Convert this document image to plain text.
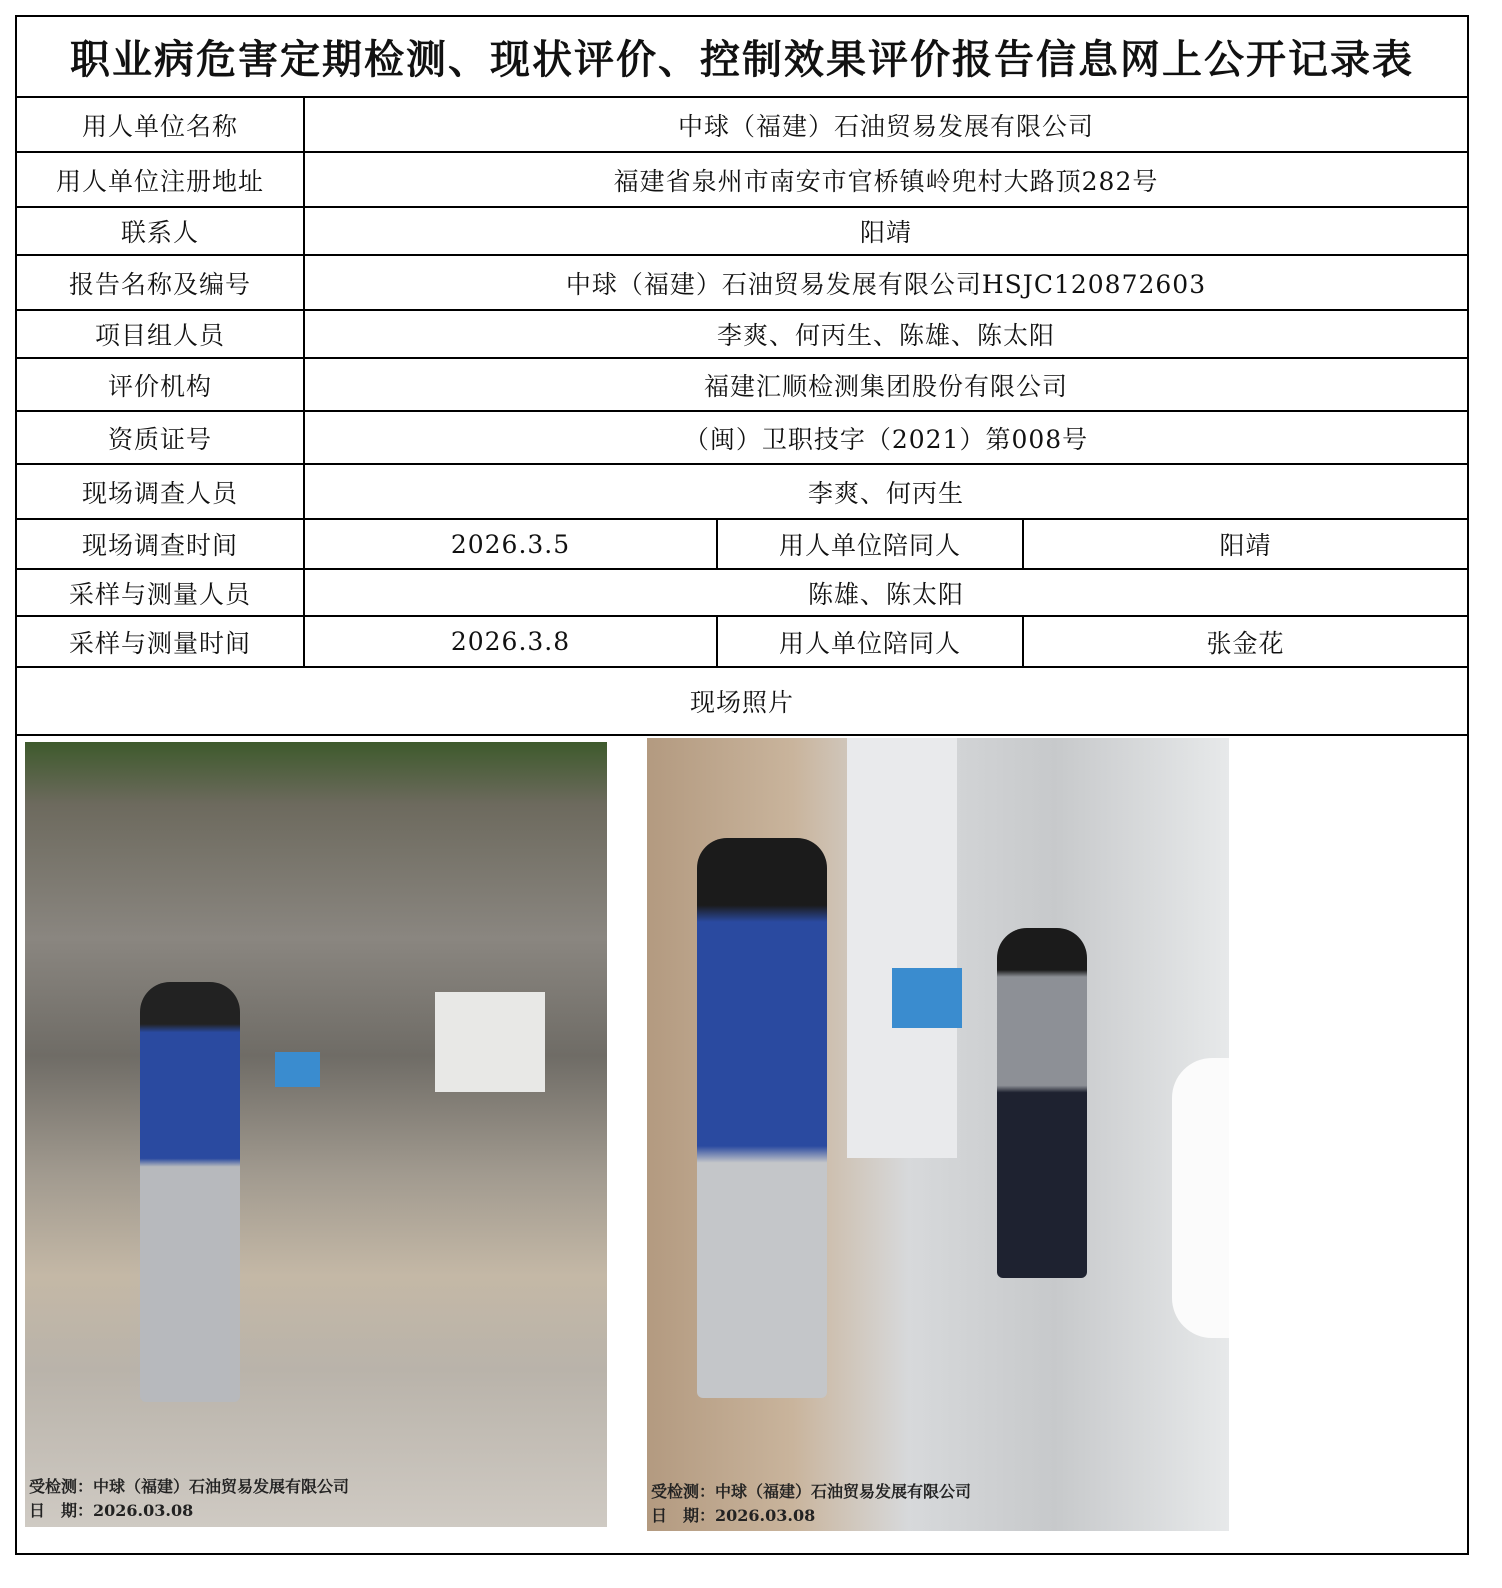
职业病危害定期检测、现状评价、控制效果评价报告信息网上公开记录表
用人单位名称	中球（福建）石油贸易发展有限公司
用人单位注册地址	福建省泉州市南安市官桥镇岭兜村大路顶282号
联系人	阳靖
报告名称及编号	中球（福建）石油贸易发展有限公司HSJC120872603
项目组人员	李爽、何丙生、陈雄、陈太阳
评价机构	福建汇顺检测集团股份有限公司
资质证号	（闽）卫职技字（2021）第008号
现场调查人员	李爽、何丙生
现场调查时间	2026.3.5	用人单位陪同人	阳靖
采样与测量人员	陈雄、陈太阳
采样与测量时间	2026.3.8	用人单位陪同人	张金花
现场照片
受检测：中球（福建）石油贸易发展有限公司
日　期：2026.03.08
受检测：中球（福建）石油贸易发展有限公司
日　期：2026.03.08
